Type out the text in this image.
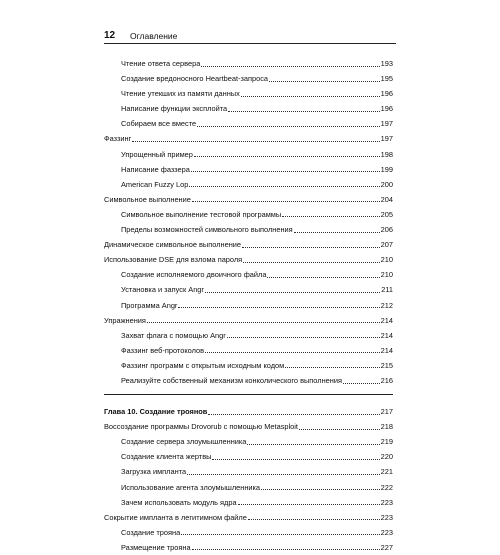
12	Оглавление
Чтение ответа сервера	193
Создание вредоносного Heartbeat-запроса	195
Чтение утекших из памяти данных	196
Написание функции эксплойта	196
Собираем все вместе	197
Фаззинг	197
Упрощенный пример	198
Написание фаззера	199
American Fuzzy Lop	200
Символьное выполнение	204
Символьное выполнение тестовой программы	205
Пределы возможностей символьного выполнения	206
Динамическое символьное выполнение	207
Использование DSE для взлома пароля	210
Создание исполняемого двоичного файла	210
Установка и запуск Angr	211
Программа Angr	212
Упражнения	214
Захват флага с помощью Angr	214
Фаззинг веб-протоколов	214
Фаззинг программ с открытым исходным кодом	215
Реализуйте собственный механизм конколического выполнения	216
Глава 10. Создание троянов	217
Воссоздание программы Drovorub с помощью Metasploit	218
Создание сервера злоумышленника	219
Создание клиента жертвы	220
Загрузка импланта	221
Использование агента злоумышленника	222
Зачем использовать модуль ядра	223
Сокрытие импланта в легитимном файле	223
Создание трояна	223
Размещение трояна	227
